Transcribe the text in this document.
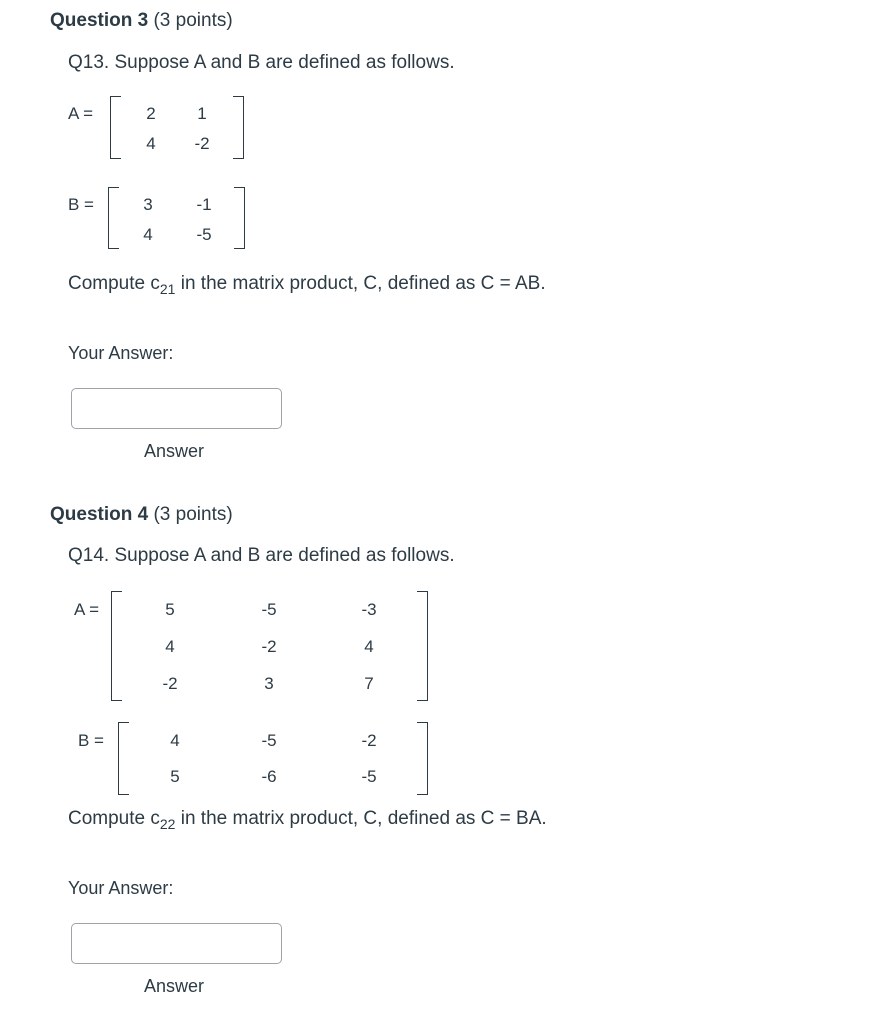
Question 3 (3 points)
Q13. Suppose A and B are defined as follows.
A =	2	1
4	-2
B =	3	-1
4	-5
Compute $c_{21}$ in the matrix product, C, defined as C = AB.
Your Answer:
Answer
Question 4 (3 points)
Q14. Suppose A and B are defined as follows.
A =	5	-5	-3
4	-2	4
-2	3	7
B =	4	-5	-2
5	-6	-5
Compute $c_{22}$ in the matrix product, C, defined as C = BA.
Your Answer:
Answer
